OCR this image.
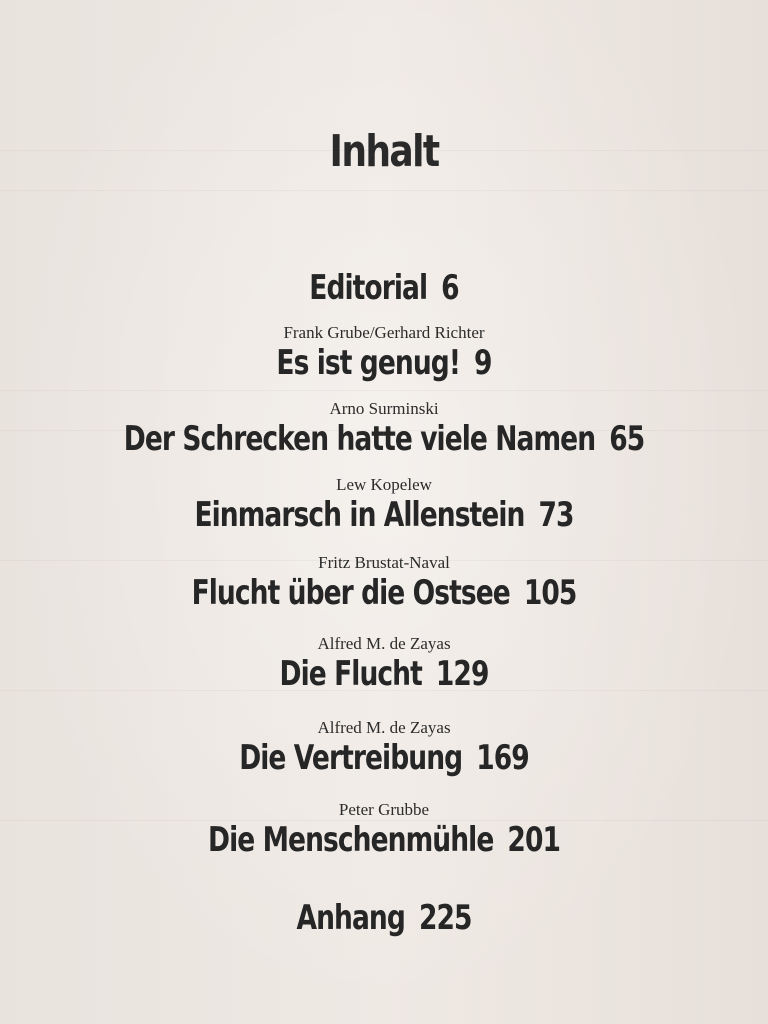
Inhalt
Editorial 6
Frank Grube/Gerhard Richter
Es ist genug! 9
Arno Surminski
Der Schrecken hatte viele Namen 65
Lew Kopelew
Einmarsch in Allenstein 73
Fritz Brustat-Naval
Flucht über die Ostsee 105
Alfred M. de Zayas
Die Flucht 129
Alfred M. de Zayas
Die Vertreibung 169
Peter Grubbe
Die Menschenmühle 201
Anhang 225
